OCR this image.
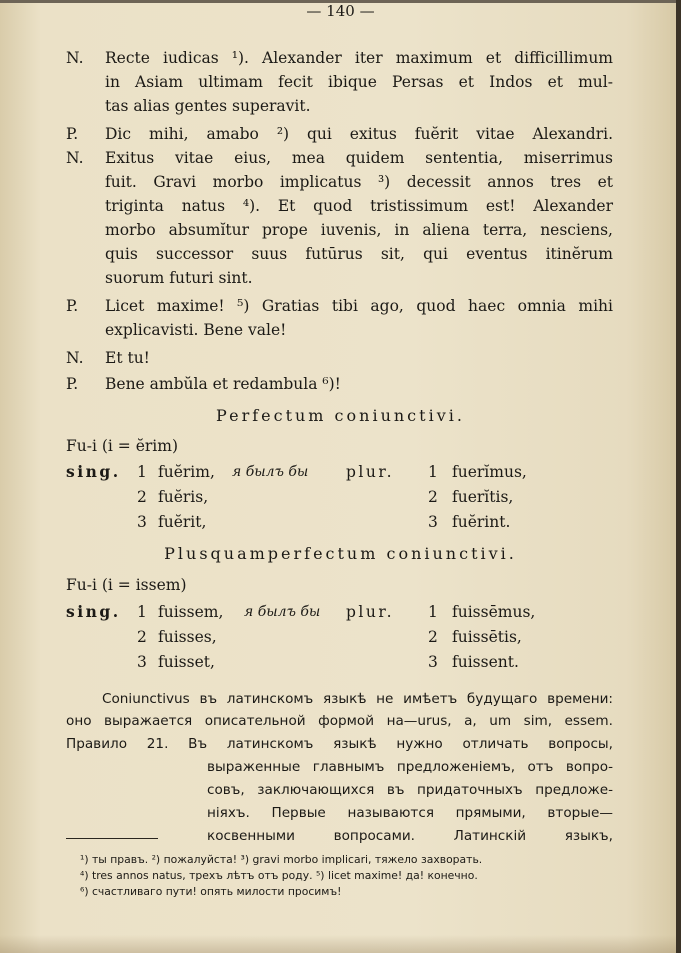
— 140 —
N.	Recte iudicas ¹). Alexander iter maximum et difficillimum
in Asiam ultimam fecit ibique Persas et Indos et mul-
tas alias gentes superavit.
P.	Dic mihi, amabo ²) qui exitus fuĕrit vitae Alexandri.
N.	Exitus vitae eius, mea quidem sententia, miserrimus
fuit. Gravi morbo implicatus ³) decessit annos tres et
triginta natus ⁴). Et quod tristissimum est! Alexander
morbo absumĭtur prope iuvenis, in aliena terra, nesciens,
quis successor suus futūrus sit, qui eventus itinĕrum
suorum futuri sint.
P.	Licet maxime! ⁵) Gratias tibi ago, quod haec omnia mihi
explicavisti. Bene vale!
N.	Et tu!
P.	Bene ambŭla et redambula ⁶)!
Perfectum coniunctivi.
Fu-i (i = ĕrim)
sing. 1 fuĕrim, я былъ бы plur. 1 fuerĭmus,
2 fuĕris,	2 fuerĭtis,
3 fuĕrit,	3 fuĕrint.
Plusquamperfectum coniunctivi.
Fu-i (i = issem)
sing. 1 fuissem, я былъ бы plur. 1 fuissēmus,
2 fuisses,	2 fuissētis,
3 fuisset,	3 fuissent.
Coniunctivus въ латинскомъ языкѣ не имѣетъ будущаго времени:
оно выражается описательной формой на—urus, a, um sim, essem.
Правило 21. Въ латинскомъ языкѣ нужно отличать вопросы,
выраженные главнымъ предложеніемъ, отъ вопро-
совъ, заключающихся въ придаточныхъ предложе-
ніяхъ. Первые называются прямыми, вторые—
косвенными вопросами. Латинскій языкъ,
¹) ты правъ. ²) пожалуйста! ³) gravi morbo implicari, тяжело захворать.
⁴) tres annos natus, трехъ лѣтъ отъ роду. ⁵) licet maxime! да! конечно.
⁶) счастливаго пути! опять милости просимъ!
